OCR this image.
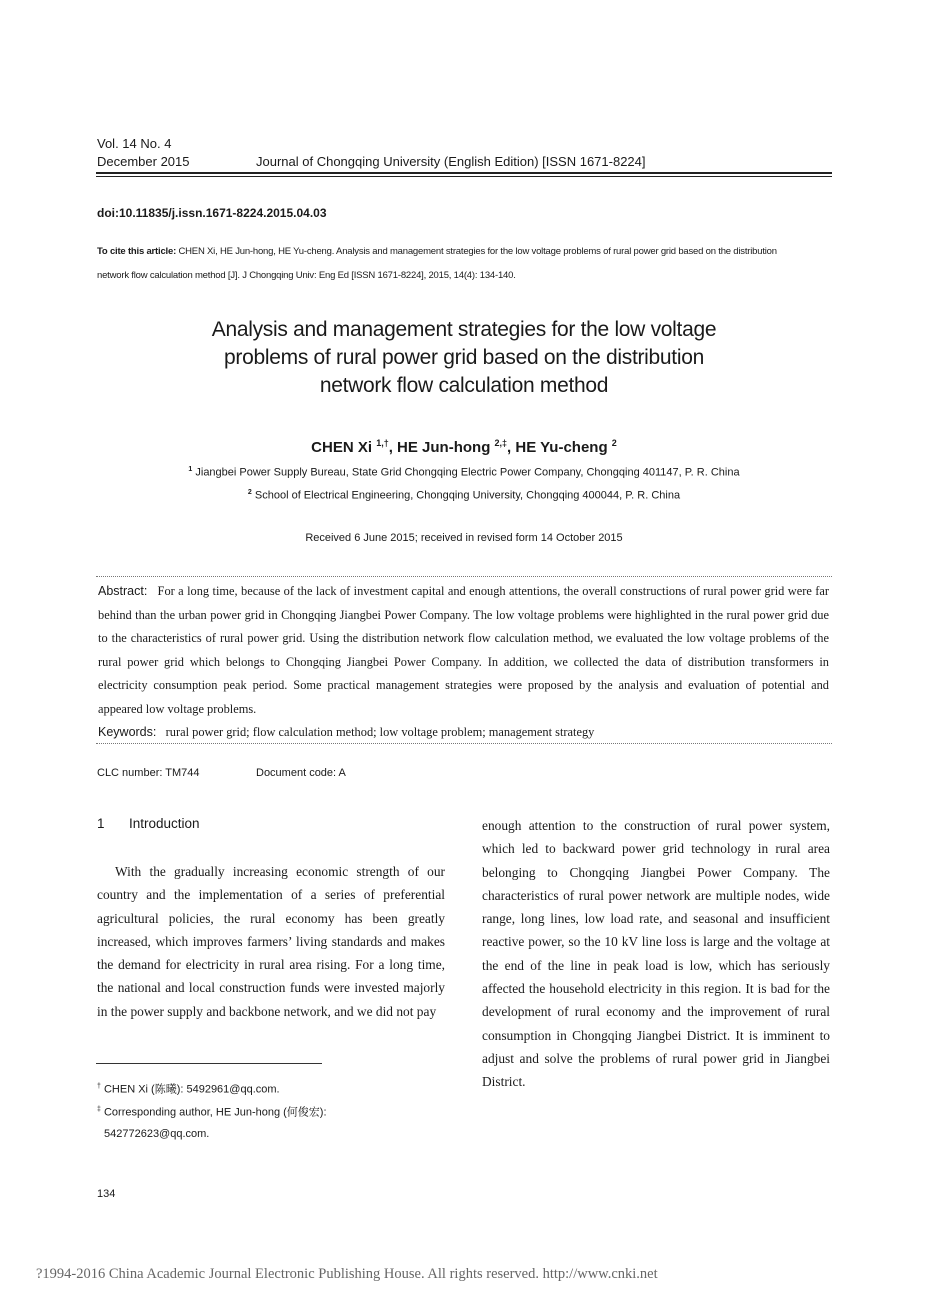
Vol. 14 No. 4
December 2015	Journal of Chongqing University (English Edition) [ISSN 1671-8224]
doi:10.11835/j.issn.1671-8224.2015.04.03
To cite this article: CHEN Xi, HE Jun-hong, HE Yu-cheng. Analysis and management strategies for the low voltage problems of rural power grid based on the distribution
network flow calculation method [J]. J Chongqing Univ: Eng Ed [ISSN 1671-8224], 2015, 14(4): 134-140.
Analysis and management strategies for the low voltage
problems of rural power grid based on the distribution
network flow calculation method
CHEN Xi $^{1,\dagger}$, HE Jun-hong $^{2,\ddagger}$, HE Yu-cheng $^2$
$^1$ Jiangbei Power Supply Bureau, State Grid Chongqing Electric Power Company, Chongqing 401147, P. R. China
$^2$ School of Electrical Engineering, Chongqing University, Chongqing 400044, P. R. China
Received 6 June 2015; received in revised form 14 October 2015
Abstract: For a long time, because of the lack of investment capital and enough attentions, the overall constructions of rural power grid were far behind than the urban power grid in Chongqing Jiangbei Power Company. The low voltage problems were highlighted in the rural power grid due to the characteristics of rural power grid. Using the distribution network flow calculation method, we evaluated the low voltage problems of the rural power grid which belongs to Chongqing Jiangbei Power Company. In addition, we collected the data of distribution transformers in electricity consumption peak period. Some practical management strategies were proposed by the analysis and evaluation of potential and appeared low voltage problems.
Keywords: rural power grid; flow calculation method; low voltage problem; management strategy
CLC number: TM744	Document code: A
1 Introduction

With the gradually increasing economic strength of our country and the implementation of a series of preferential agricultural policies, the rural economy has been greatly increased, which improves farmers’ living standards and makes the demand for electricity in rural area rising. For a long time, the national and local construction funds were invested majorly in the power supply and backbone network, and we did not pay

enough attention to the construction of rural power system, which led to backward power grid technology in rural area belonging to Chongqing Jiangbei Power Company. The characteristics of rural power network are multiple nodes, wide range, long lines, low load rate, and seasonal and insufficient reactive power, so the 10 kV line loss is large and the voltage at the end of the line in peak load is low, which has seriously affected the household electricity in this region. It is bad for the development of rural economy and the improvement of rural consumption in Chongqing Jiangbei District. It is imminent to adjust and solve the problems of rural power grid in Jiangbei District.

† CHEN Xi (陈曦): 5492961@qq.com.
‡ Corresponding author, HE Jun-hong (何俊宏):
542772623@qq.com.
134
?1994-2016 China Academic Journal Electronic Publishing House. All rights reserved. http://www.cnki.net
